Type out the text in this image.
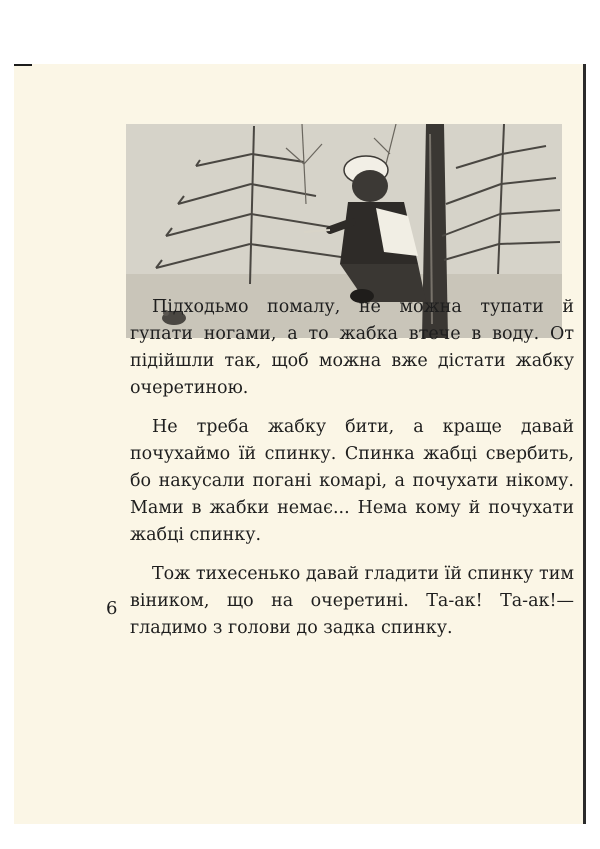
Підходьмо помалу, не можна тупати й гупати ногами, а то жабка втече в воду. От підійшли так, щоб можна вже дістати жабку очеретиною.

Не треба жабку бити, а краще давай почухаймо їй спинку. Спинка жабці свербить, бо накусали погані комарі, а почухати нікому. Мами в жабки немає... Нема кому й почухати жабці спинку.

Тож тихесенько давай гладити їй спинку тим віником, що на очеретині. Та-ак! Та-ак!— гладимо з голови до задка спинку.

6
